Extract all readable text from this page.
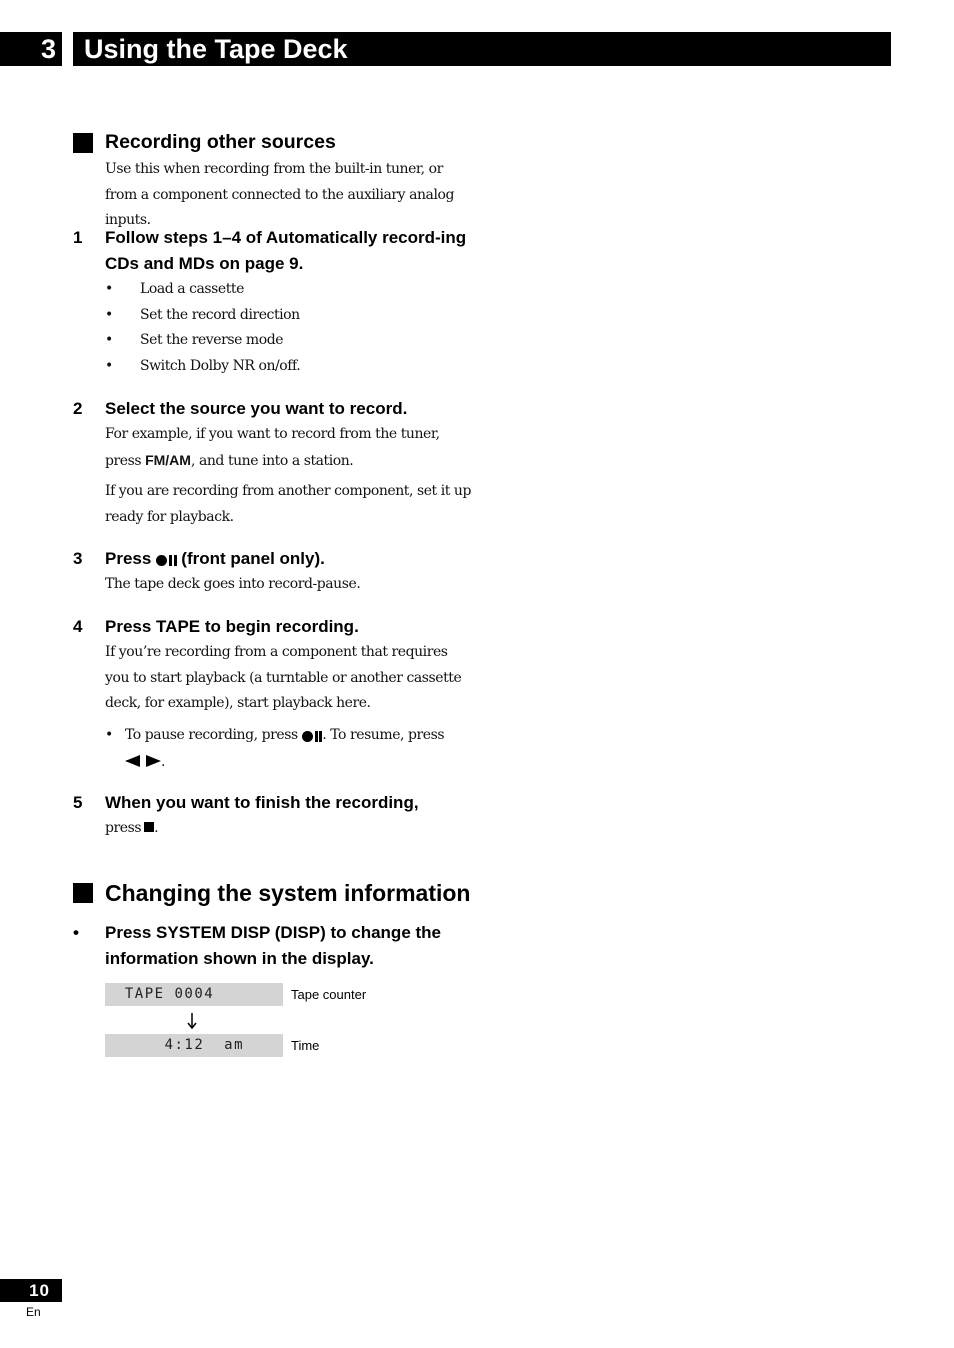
3	Using the Tape Deck
Recording other sources
Use this when recording from the built-in tuner, or from a component connected to the auxiliary analog inputs.
1 Follow steps 1–4 of Automatically record-ing CDs and MDs on page 9.
• Load a cassette
• Set the record direction
• Set the reverse mode
• Switch Dolby NR on/off.
2 Select the source you want to record.
For example, if you want to record from the tuner, press FM/AM, and tune into a station.
If you are recording from another component, set it up ready for playback.
3 Press (front panel only).
The tape deck goes into record-pause.
4 Press TAPE to begin recording.
If you’re recording from a component that requires you to start playback (a turntable or another cassette deck, for example), start playback here.
• To pause recording, press . To resume, press .
5 When you want to finish the recording,
press .
Changing the system information
• Press SYSTEM DISP (DISP) to change the information shown in the display.
TAPE 0004	Tape counter
4:12  am	Time
10
En
